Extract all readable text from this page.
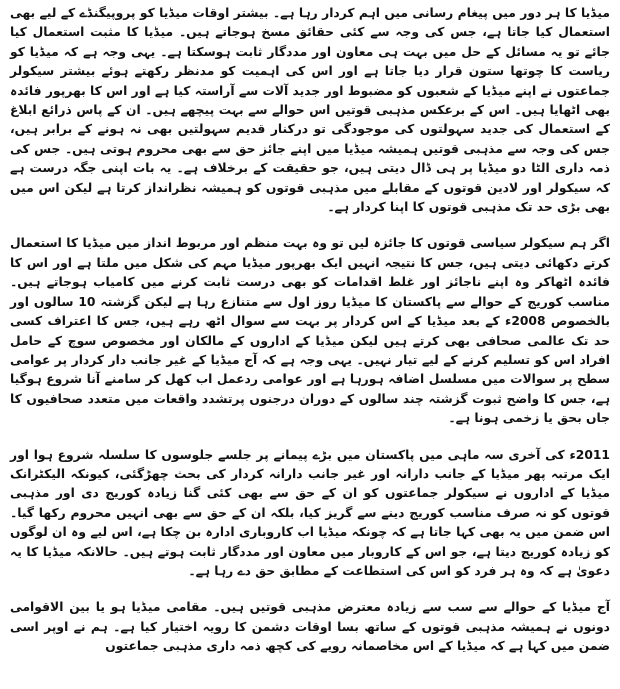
میڈیا کا ہر دور میں پیغام رسانی میں اہم کردار رہا ہے۔ بیشتر اوقات میڈیا کو پروپیگنڈے کے لیے بھی استعمال کیا جاتا ہے، جس کی وجہ سے کئی حقائق مسخ ہوجاتے ہیں۔ میڈیا کا مثبت استعمال کیا جائے تو یہ مسائل کے حل میں بہت ہی معاون اور مددگار ثابت ہوسکتا ہے۔ یہی وجہ ہے کہ میڈیا کو ریاست کا چوتھا ستون قرار دیا جاتا ہے اور اس کی اہمیت کو مدنظر رکھتے ہوئے بیشتر سیکولر جماعتوں نے اپنے میڈیا کے شعبوں کو مضبوط اور جدید آلات سے آراستہ کیا ہے اور اس کا بھرپور فائدہ بھی اٹھایا ہیں۔ اس کے برعکس مذہبی قوتیں اس حوالے سے بہت پیچھے ہیں۔ ان کے پاس ذرائع ابلاغ کے استعمال کی جدید سہولتوں کی موجودگی تو درکنار قدیم سہولتیں بھی نہ ہونے کے برابر ہیں، جس کی وجہ سے مذہبی قوتیں ہمیشہ میڈیا میں اپنے جائز حق سے بھی محروم ہوتی ہیں۔ جس کی ذمہ داری الٹا دو میڈیا پر ہی ڈال دیتی ہیں، جو حقیقت کے برخلاف ہے۔ یہ بات اپنی جگہ درست ہے کہ سیکولر اور لادین قوتوں کے مقابلے میں مذہبی قوتوں کو ہمیشہ نظرانداز کرتا ہے لیکن اس میں بھی بڑی حد تک مذہبی قوتوں کا اپنا کردار ہے۔

اگر ہم سیکولر سیاسی قوتوں کا جائزہ لیں تو وہ بہت منظم اور مربوط انداز میں میڈیا کا استعمال کرتے دکھائی دیتی ہیں، جس کا نتیجہ انہیں ایک بھرپور میڈیا مہم کی شکل میں ملتا ہے اور اس کا فائدہ اٹھاکر وہ اپنے ناجائز اور غلط اقدامات کو بھی درست ثابت کرنے میں کامیاب ہوجاتے ہیں۔ مناسب کوریج کے حوالے سے پاکستان کا میڈیا روز اول سے متنازع رہا ہے لیکن گزشتہ 10 سالوں اور بالخصوص 2008ء کے بعد میڈیا کے اس کردار پر بہت سے سوال اٹھ رہے ہیں، جس کا اعتراف کسی حد تک عالمی صحافی بھی کرتے ہیں لیکن میڈیا کے اداروں کے مالکان اور مخصوص سوچ کے حامل افراد اس کو تسلیم کرنے کے لیے تیار نہیں۔ یہی وجہ ہے کہ آج میڈیا کے غیر جانب دار کردار پر عوامی سطح پر سوالات میں مسلسل اضافہ ہورہا ہے اور عوامی ردعمل اب کھل کر سامنے آنا شروع ہوگیا ہے، جس کا واضح ثبوت گزشتہ چند سالوں کے دوران درجنوں پرتشدد واقعات میں متعدد صحافیوں کا جاں بحق یا زخمی ہونا ہے۔

2011ء کی آخری سہ ماہی میں پاکستان میں بڑے پیمانے پر جلسے جلوسوں کا سلسلہ شروع ہوا اور ایک مرتبہ پھر میڈیا کے جانب دارانہ اور غیر جانب دارانہ کردار کی بحث چھڑگئی، کیونکہ الیکٹرانک میڈیا کے اداروں نے سیکولر جماعتوں کو ان کے حق سے بھی کئی گنا زیادہ کوریج دی اور مذہبی قوتوں کو نہ صرف مناسب کوریج دینے سے گریز کیا، بلکہ ان کے حق سے بھی انہیں محروم رکھا گیا۔ اس ضمن میں یہ بھی کہا جاتا ہے کہ چونکہ میڈیا اب کاروباری ادارہ بن چکا ہے، اس لیے وہ ان لوگوں کو زیادہ کوریج دیتا ہے، جو اس کے کاروبار میں معاون اور مددگار ثابت ہوتے ہیں۔ حالانکہ میڈیا کا یہ دعویٰ ہے کہ وہ ہر فرد کو اس کی استطاعت کے مطابق حق دے رہا ہے۔

آج میڈیا کے حوالے سے سب سے زیادہ معترض مذہبی قوتیں ہیں۔ مقامی میڈیا ہو یا بین الاقوامی دونوں نے ہمیشہ مذہبی قوتوں کے ساتھ بسا اوقات دشمن کا رویہ اختیار کیا ہے۔ ہم نے اوپر اسی ضمن میں کہا ہے کہ میڈیا کے اس مخاصمانہ رویے کی کچھ ذمہ داری مذہبی جماعتوں
